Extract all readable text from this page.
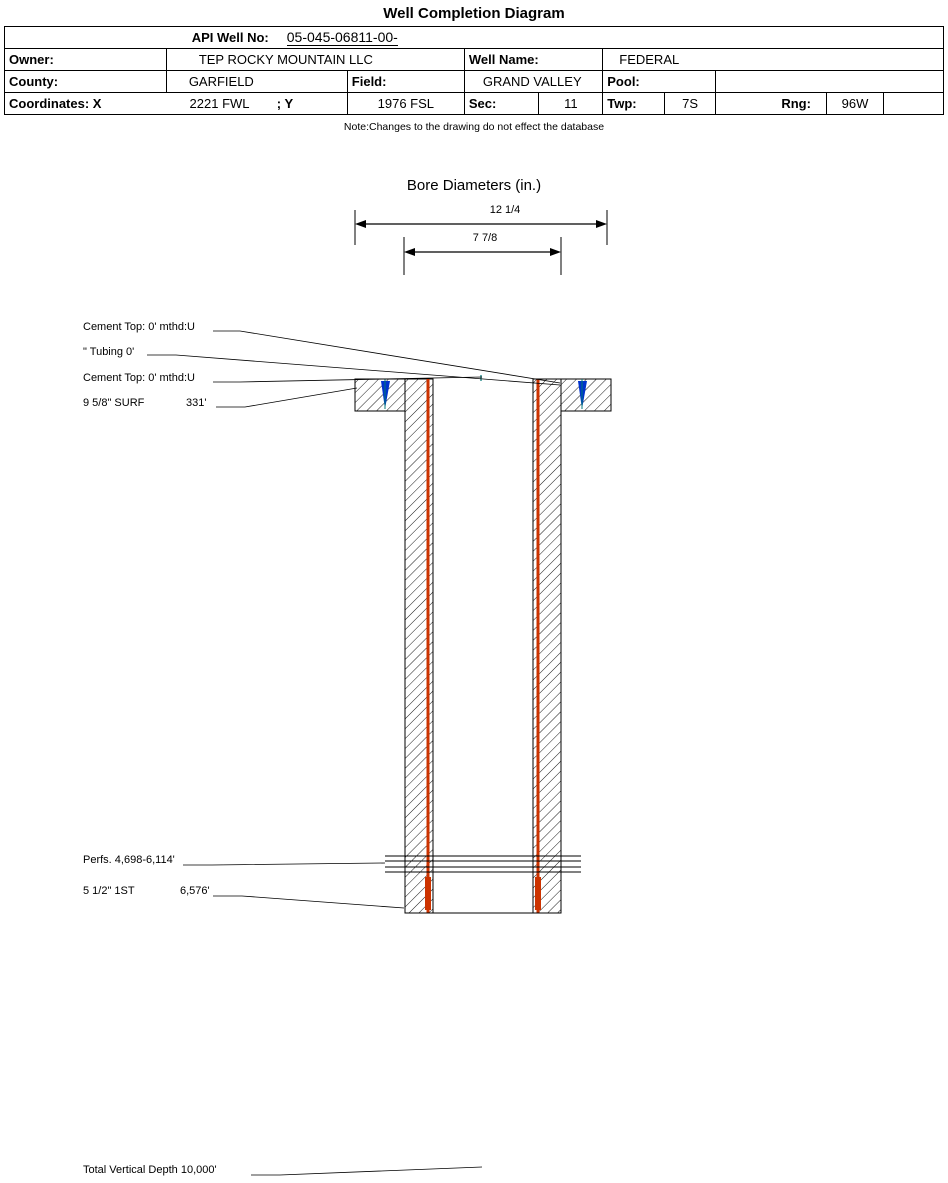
Well Completion Diagram
	API Well No:	05-045-06811-00-									
Owner:	TEP ROCKY MOUNTAIN LLC			Well Name:		FEDERAL					
County:	GARFIELD		Field:	GRAND VALLEY		Pool:					
Coordinates: X	2221 FWL	; Y	1976 FSL	Sec:	11	Twp:	7S		Rng:	96W	
Note:Changes to the drawing do not effect the database
Bore Diameters (in.)
12 1/4
7 7/8
Cement Top: 0' mthd:U
" Tubing 0'
Cement Top: 0' mthd:U
9 5/8" SURF	331'
Perfs. 4,698-6,114'
5 1/2" 1ST	6,576'
Total Vertical Depth 10,000'
